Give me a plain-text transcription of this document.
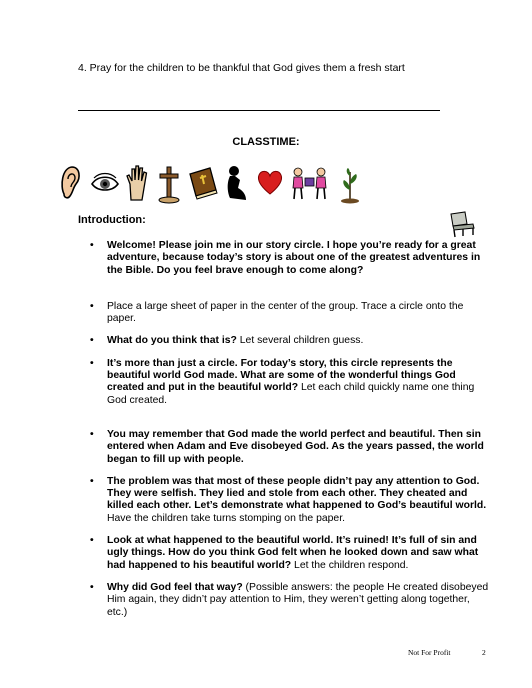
4. Pray for the children to be thankful that God gives them a fresh start
CLASSTIME:
Introduction:
• Welcome! Please join me in our story circle. I hope you’re ready for a great adventure, because today’s story is about one of the greatest adventures in the Bible. Do you feel brave enough to come along?
• Place a large sheet of paper in the center of the group. Trace a circle onto the paper.
• What do you think that is? Let several children guess.
• It’s more than just a circle. For today’s story, this circle represents the beautiful world God made. What are some of the wonderful things God created and put in the beautiful world? Let each child quickly name one thing God created.
• You may remember that God made the world perfect and beautiful. Then sin entered when Adam and Eve disobeyed God. As the years passed, the world began to fill up with people.
• The problem was that most of these people didn’t pay any attention to God. They were selfish. They lied and stole from each other. They cheated and killed each other. Let’s demonstrate what happened to God’s beautiful world. Have the children take turns stomping on the paper.
• Look at what happened to the beautiful world. It’s ruined! It’s full of sin and ugly things. How do you think God felt when he looked down and saw what had happened to his beautiful world? Let the children respond.
• Why did God feel that way? (Possible answers: the people He created disobeyed Him again, they didn’t pay attention to Him, they weren’t getting along together, etc.)
Not For Profit	2
